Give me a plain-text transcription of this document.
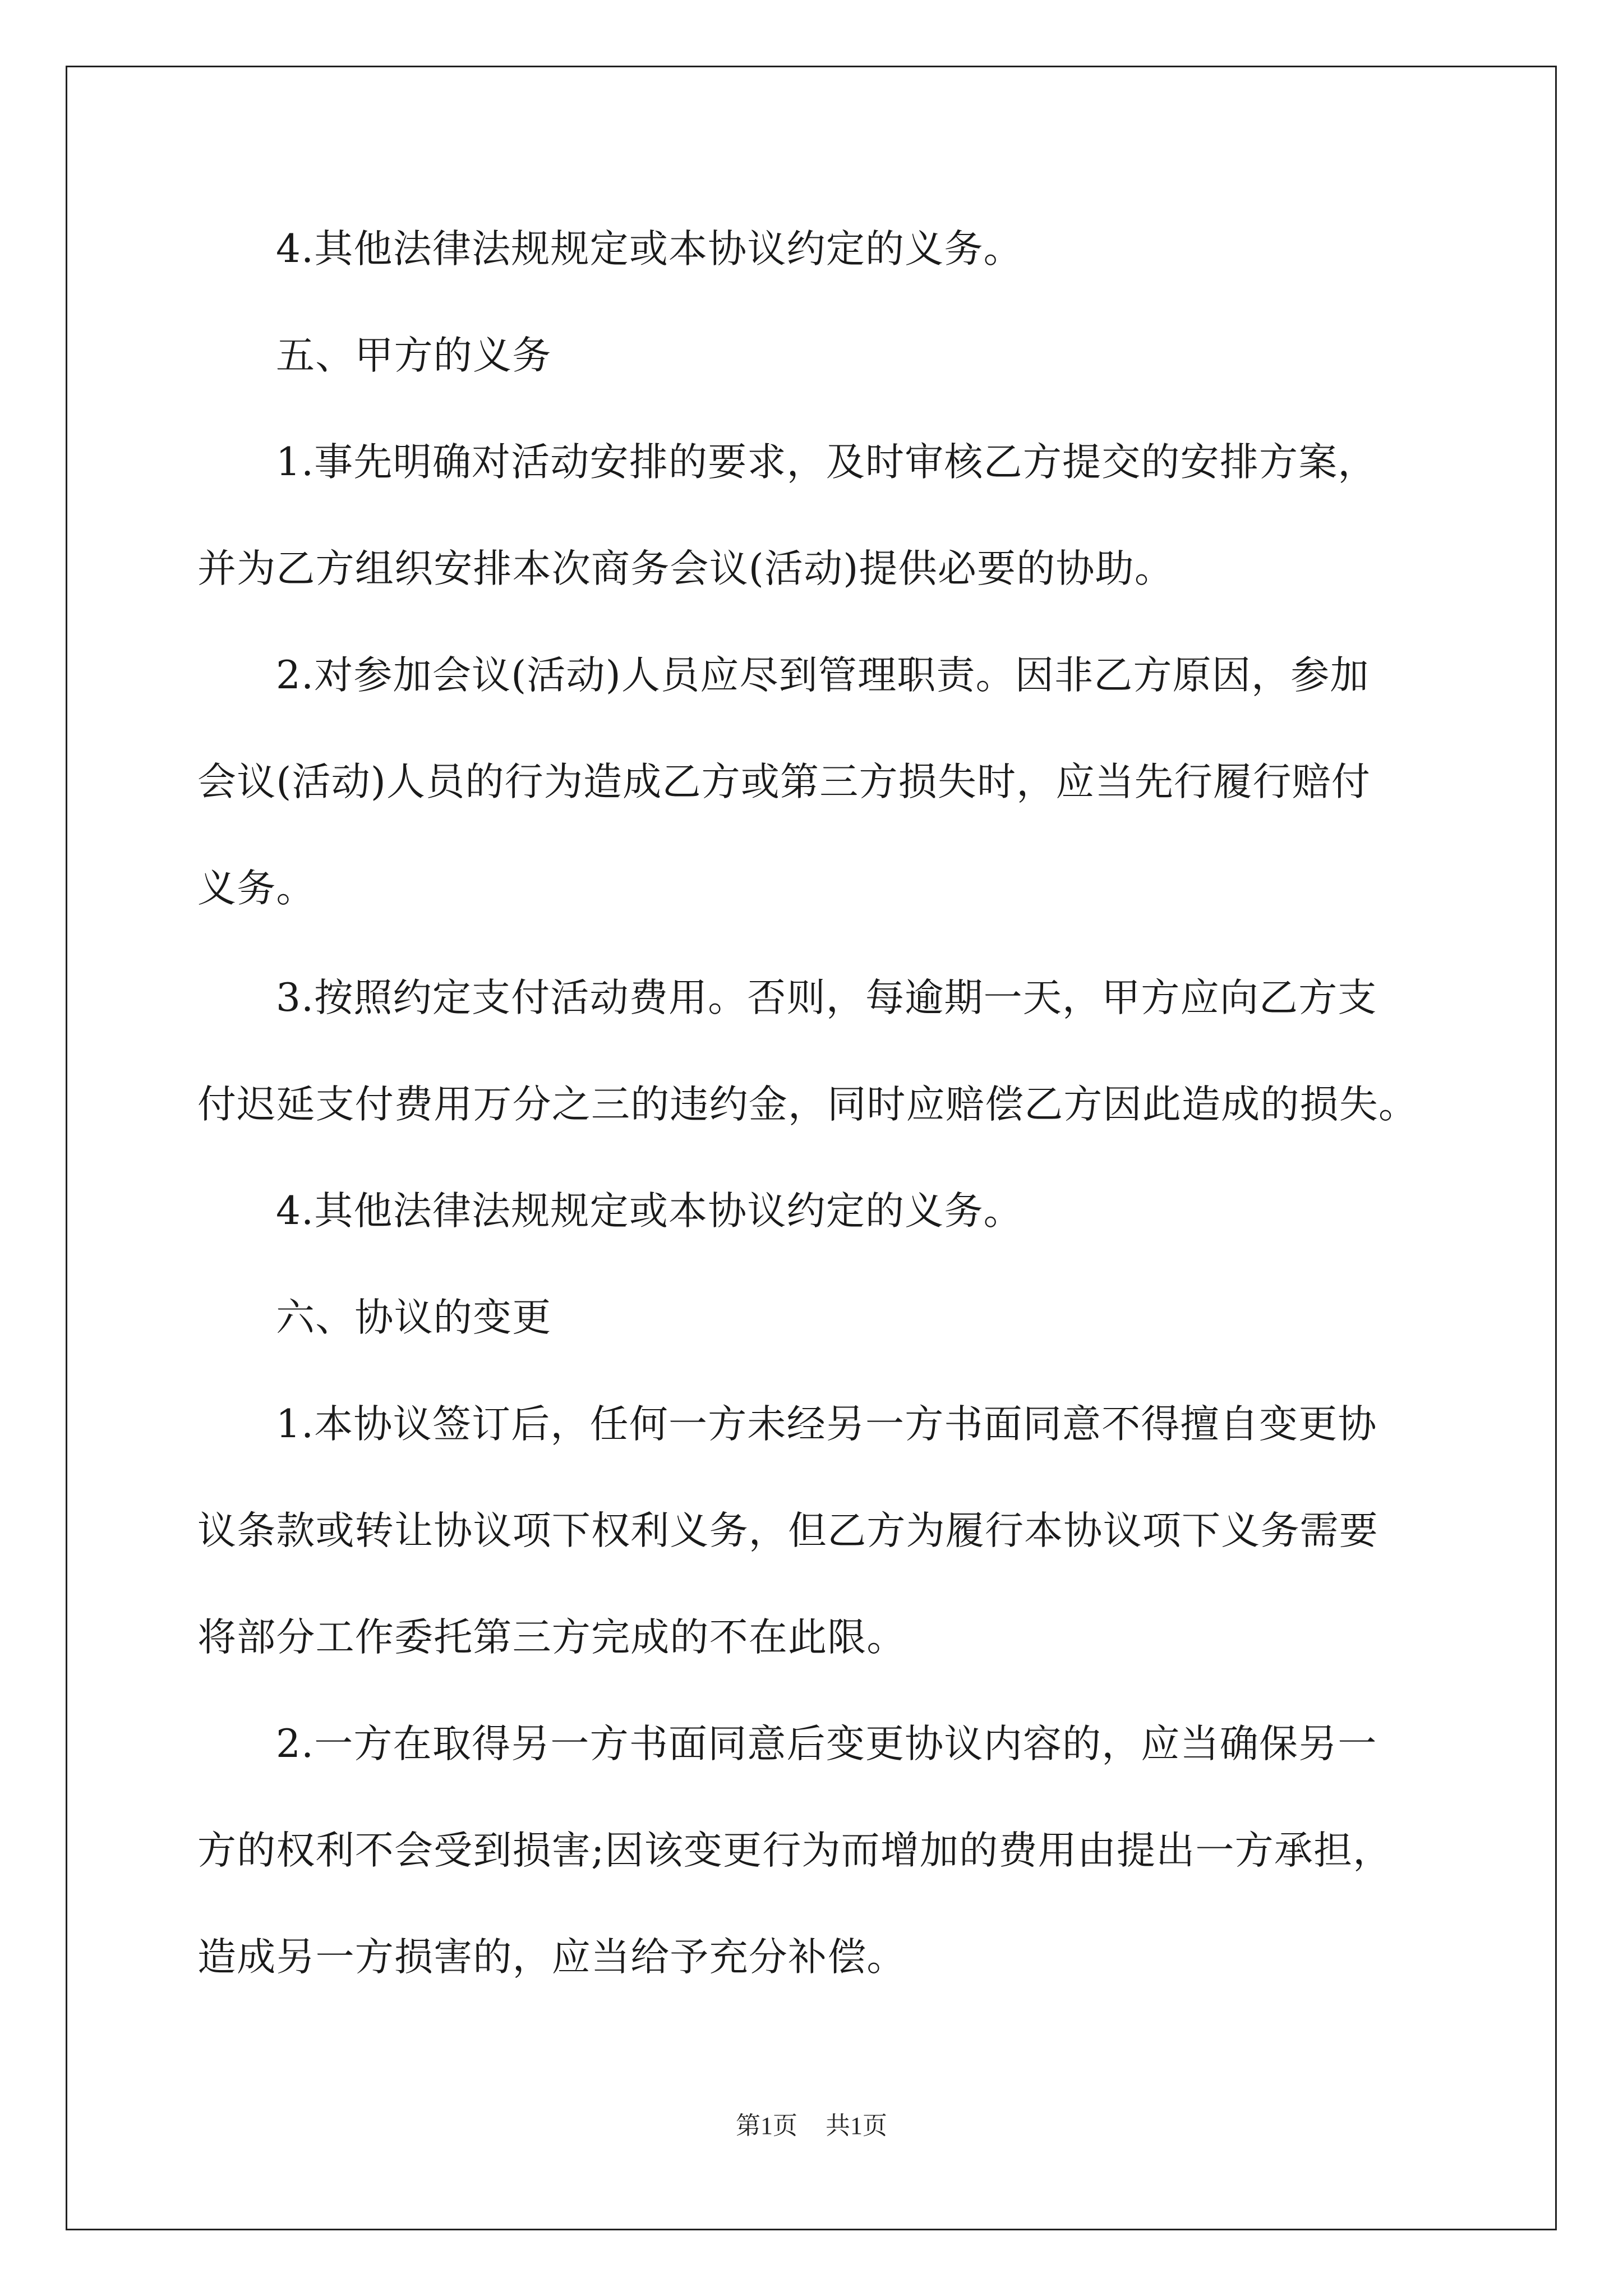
4.其他法律法规规定或本协议约定的义务。
五、甲方的义务
1.事先明确对活动安排的要求，及时审核乙方提交的安排方案，
并为乙方组织安排本次商务会议(活动)提供必要的协助。
2.对参加会议(活动)人员应尽到管理职责。因非乙方原因，参加
会议(活动)人员的行为造成乙方或第三方损失时，应当先行履行赔付
义务。
3.按照约定支付活动费用。否则，每逾期一天，甲方应向乙方支
付迟延支付费用万分之三的违约金，同时应赔偿乙方因此造成的损失。
4.其他法律法规规定或本协议约定的义务。
六、协议的变更
1.本协议签订后，任何一方未经另一方书面同意不得擅自变更协
议条款或转让协议项下权利义务，但乙方为履行本协议项下义务需要
将部分工作委托第三方完成的不在此限。
2.一方在取得另一方书面同意后变更协议内容的，应当确保另一
方的权利不会受到损害;因该变更行为而增加的费用由提出一方承担，
造成另一方损害的，应当给予充分补偿。
第1页 共1页
